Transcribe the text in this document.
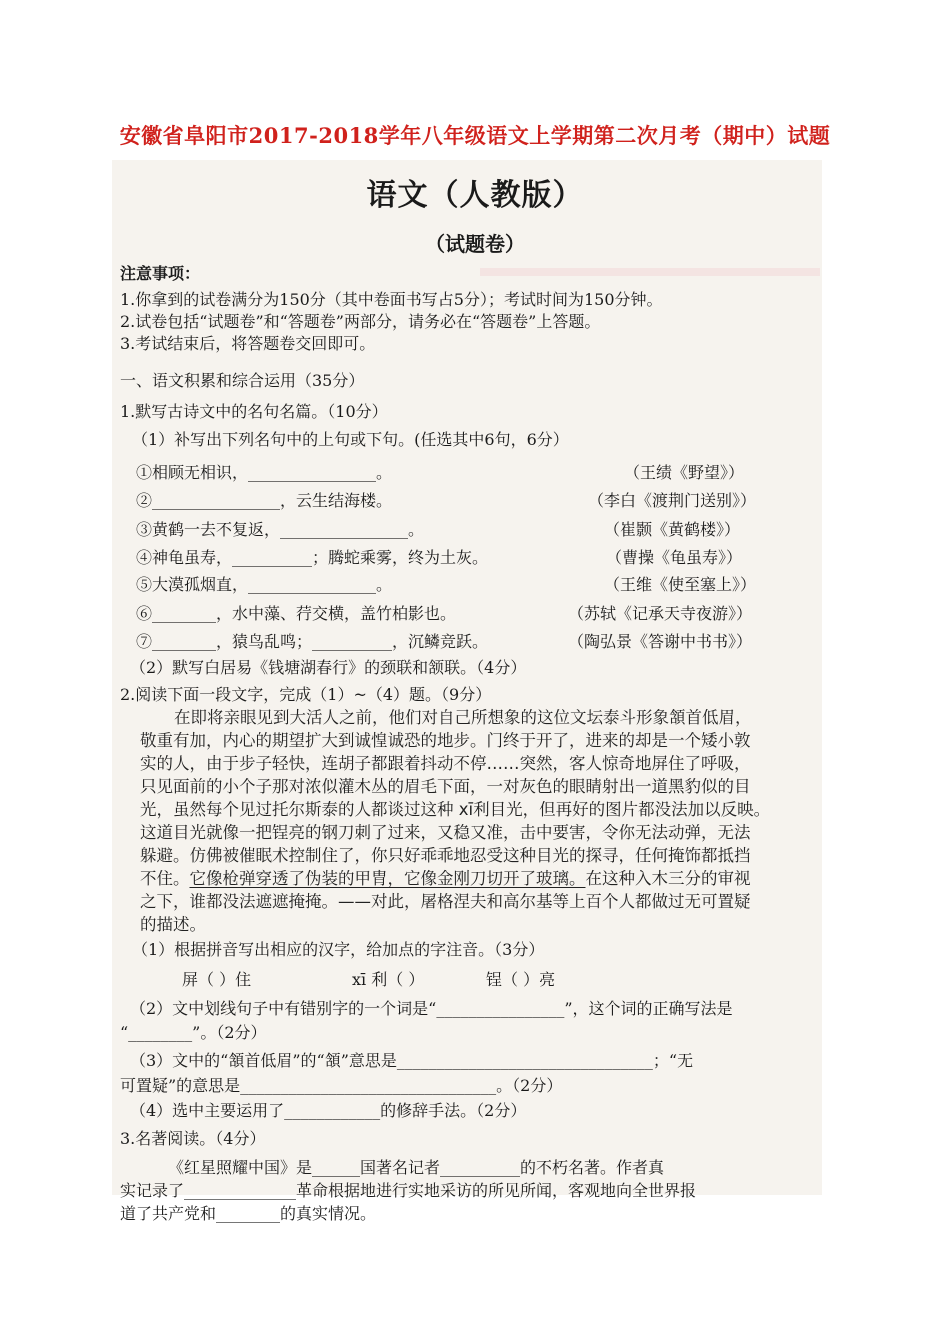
安徽省阜阳市2017-2018学年八年级语文上学期第二次月考（期中）试题
语文（人教版）
（试题卷）
注意事项：
1.你拿到的试卷满分为150分（其中卷面书写占5分）；考试时间为150分钟。
2.试卷包括“试题卷”和“答题卷”两部分，请务必在“答题卷”上答题。
3.考试结束后，将答题卷交回即可。
一、语文积累和综合运用（35分）
1.默写古诗文中的名句名篇。（10分）
（1）补写出下列名句中的上句或下句。(任选其中6句，6分）
①相顾无相识，________________。	（王绩《野望》）
②________________，云生结海楼。	（李白《渡荆门送别》）
③黄鹤一去不复返，________________。	（崔颢《黄鹤楼》）
④神龟虽寿，__________；腾蛇乘雾，终为土灰。	（曹操《龟虽寿》）
⑤大漠孤烟直，________________。	（王维《使至塞上》）
⑥________，水中藻、荇交横，盖竹柏影也。	（苏轼《记承天寺夜游》）
⑦________，猿鸟乱鸣；__________，沉鳞竞跃。	（陶弘景《答谢中书书》）
（2）默写白居易《钱塘湖春行》的颈联和颔联。（4分）
2.阅读下面一段文字，完成（1）~（4）题。（9分）
在即将亲眼见到大活人之前，他们对自己所想象的这位文坛泰斗形象頷首低眉，
敬重有加，内心的期望扩大到诚惶诚恐的地步。门终于开了，进来的却是一个矮小敦
实的人，由于步子轻快，连胡子都跟着抖动不停……突然，客人惊奇地屏住了呼吸，
只见面前的小个子那对浓似灌木丛的眉毛下面，一对灰色的眼睛射出一道黑豹似的目
光，虽然每个见过托尔斯泰的人都谈过这种 xī利目光，但再好的图片都没法加以反映。
这道目光就像一把锃亮的钢刀刺了过来，又稳又准，击中要害，令你无法动弹，无法
躲避。仿佛被催眠术控制住了，你只好乖乖地忍受这种目光的探寻，任何掩饰都抵挡
不住。它像枪弹穿透了伪装的甲胄，它像金刚刀切开了玻璃。在这种入木三分的审视
之下，谁都没法遮遮掩掩。——对此，屠格涅夫和高尔基等上百个人都做过无可置疑
的描述。
（1）根据拼音写出相应的汉字，给加点的字注音。（3分）
屏（ ）住	xī 利（ ）	锃（ ）亮
（2）文中划线句子中有错别字的一个词是“________________”，这个词的正确写法是
“________”。（2分）
（3）文中的“頷首低眉”的“頷”意思是________________________________；“无
可置疑”的意思是________________________________。（2分）
（4）选中主要运用了____________的修辞手法。（2分）
3.名著阅读。（4分）
《红星照耀中国》是______国著名记者__________的不朽名著。作者真
实记录了______________革命根据地进行实地采访的所见所闻，客观地向全世界报
道了共产党和________的真实情况。
